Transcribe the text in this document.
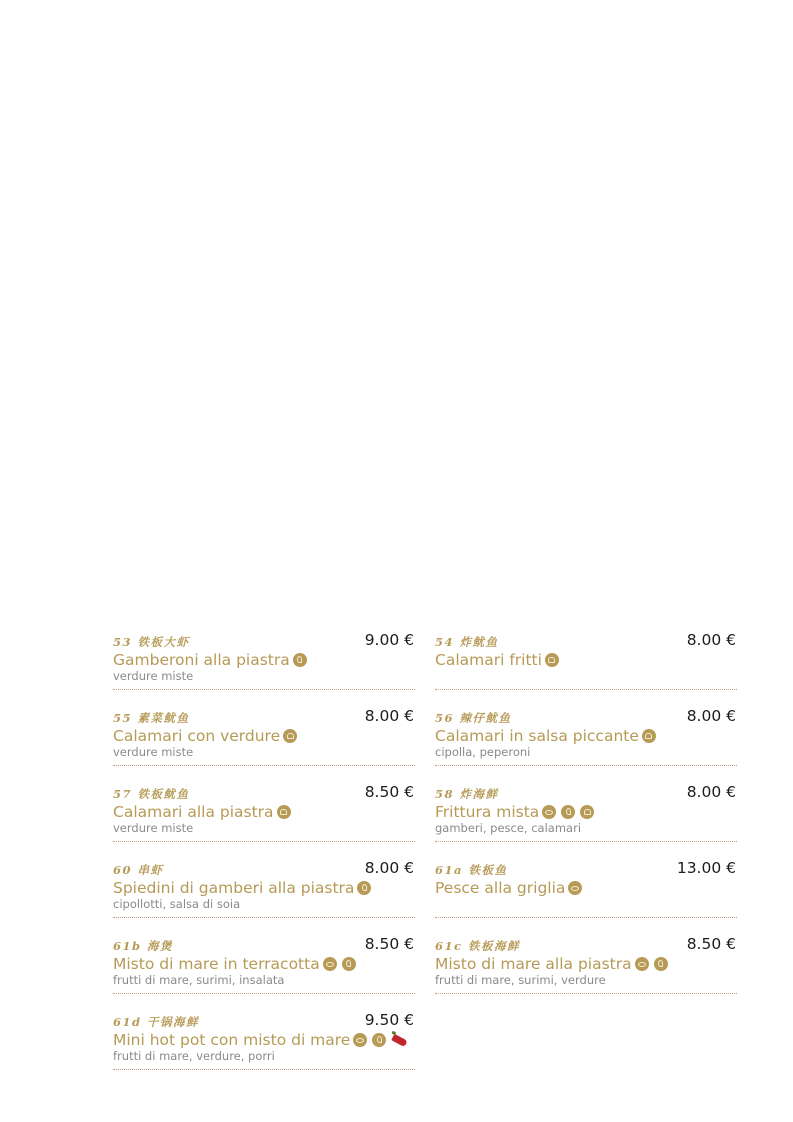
53 铁板大虾	9.00 €
Gamberoni alla piastra
verdure miste
54 炸鱿鱼	8.00 €
Calamari fritti
55 素菜鱿鱼	8.00 €
Calamari con verdure
verdure miste
56 辣仔鱿鱼	8.00 €
Calamari in salsa piccante
cipolla, peperoni
57 铁板鱿鱼	8.50 €
Calamari alla piastra
verdure miste
58 炸海鲜	8.00 €
Frittura mista
gamberi, pesce, calamari
60 串虾	8.00 €
Spiedini di gamberi alla piastra
cipollotti, salsa di soia
61a 铁板鱼	13.00 €
Pesce alla griglia
61b 海煲	8.50 €
Misto di mare in terracotta
frutti di mare, surimi, insalata
61c 铁板海鲜	8.50 €
Misto di mare alla piastra
frutti di mare, surimi, verdure
61d 干锅海鲜	9.50 €
Mini hot pot con misto di mare
frutti di mare, verdure, porri
